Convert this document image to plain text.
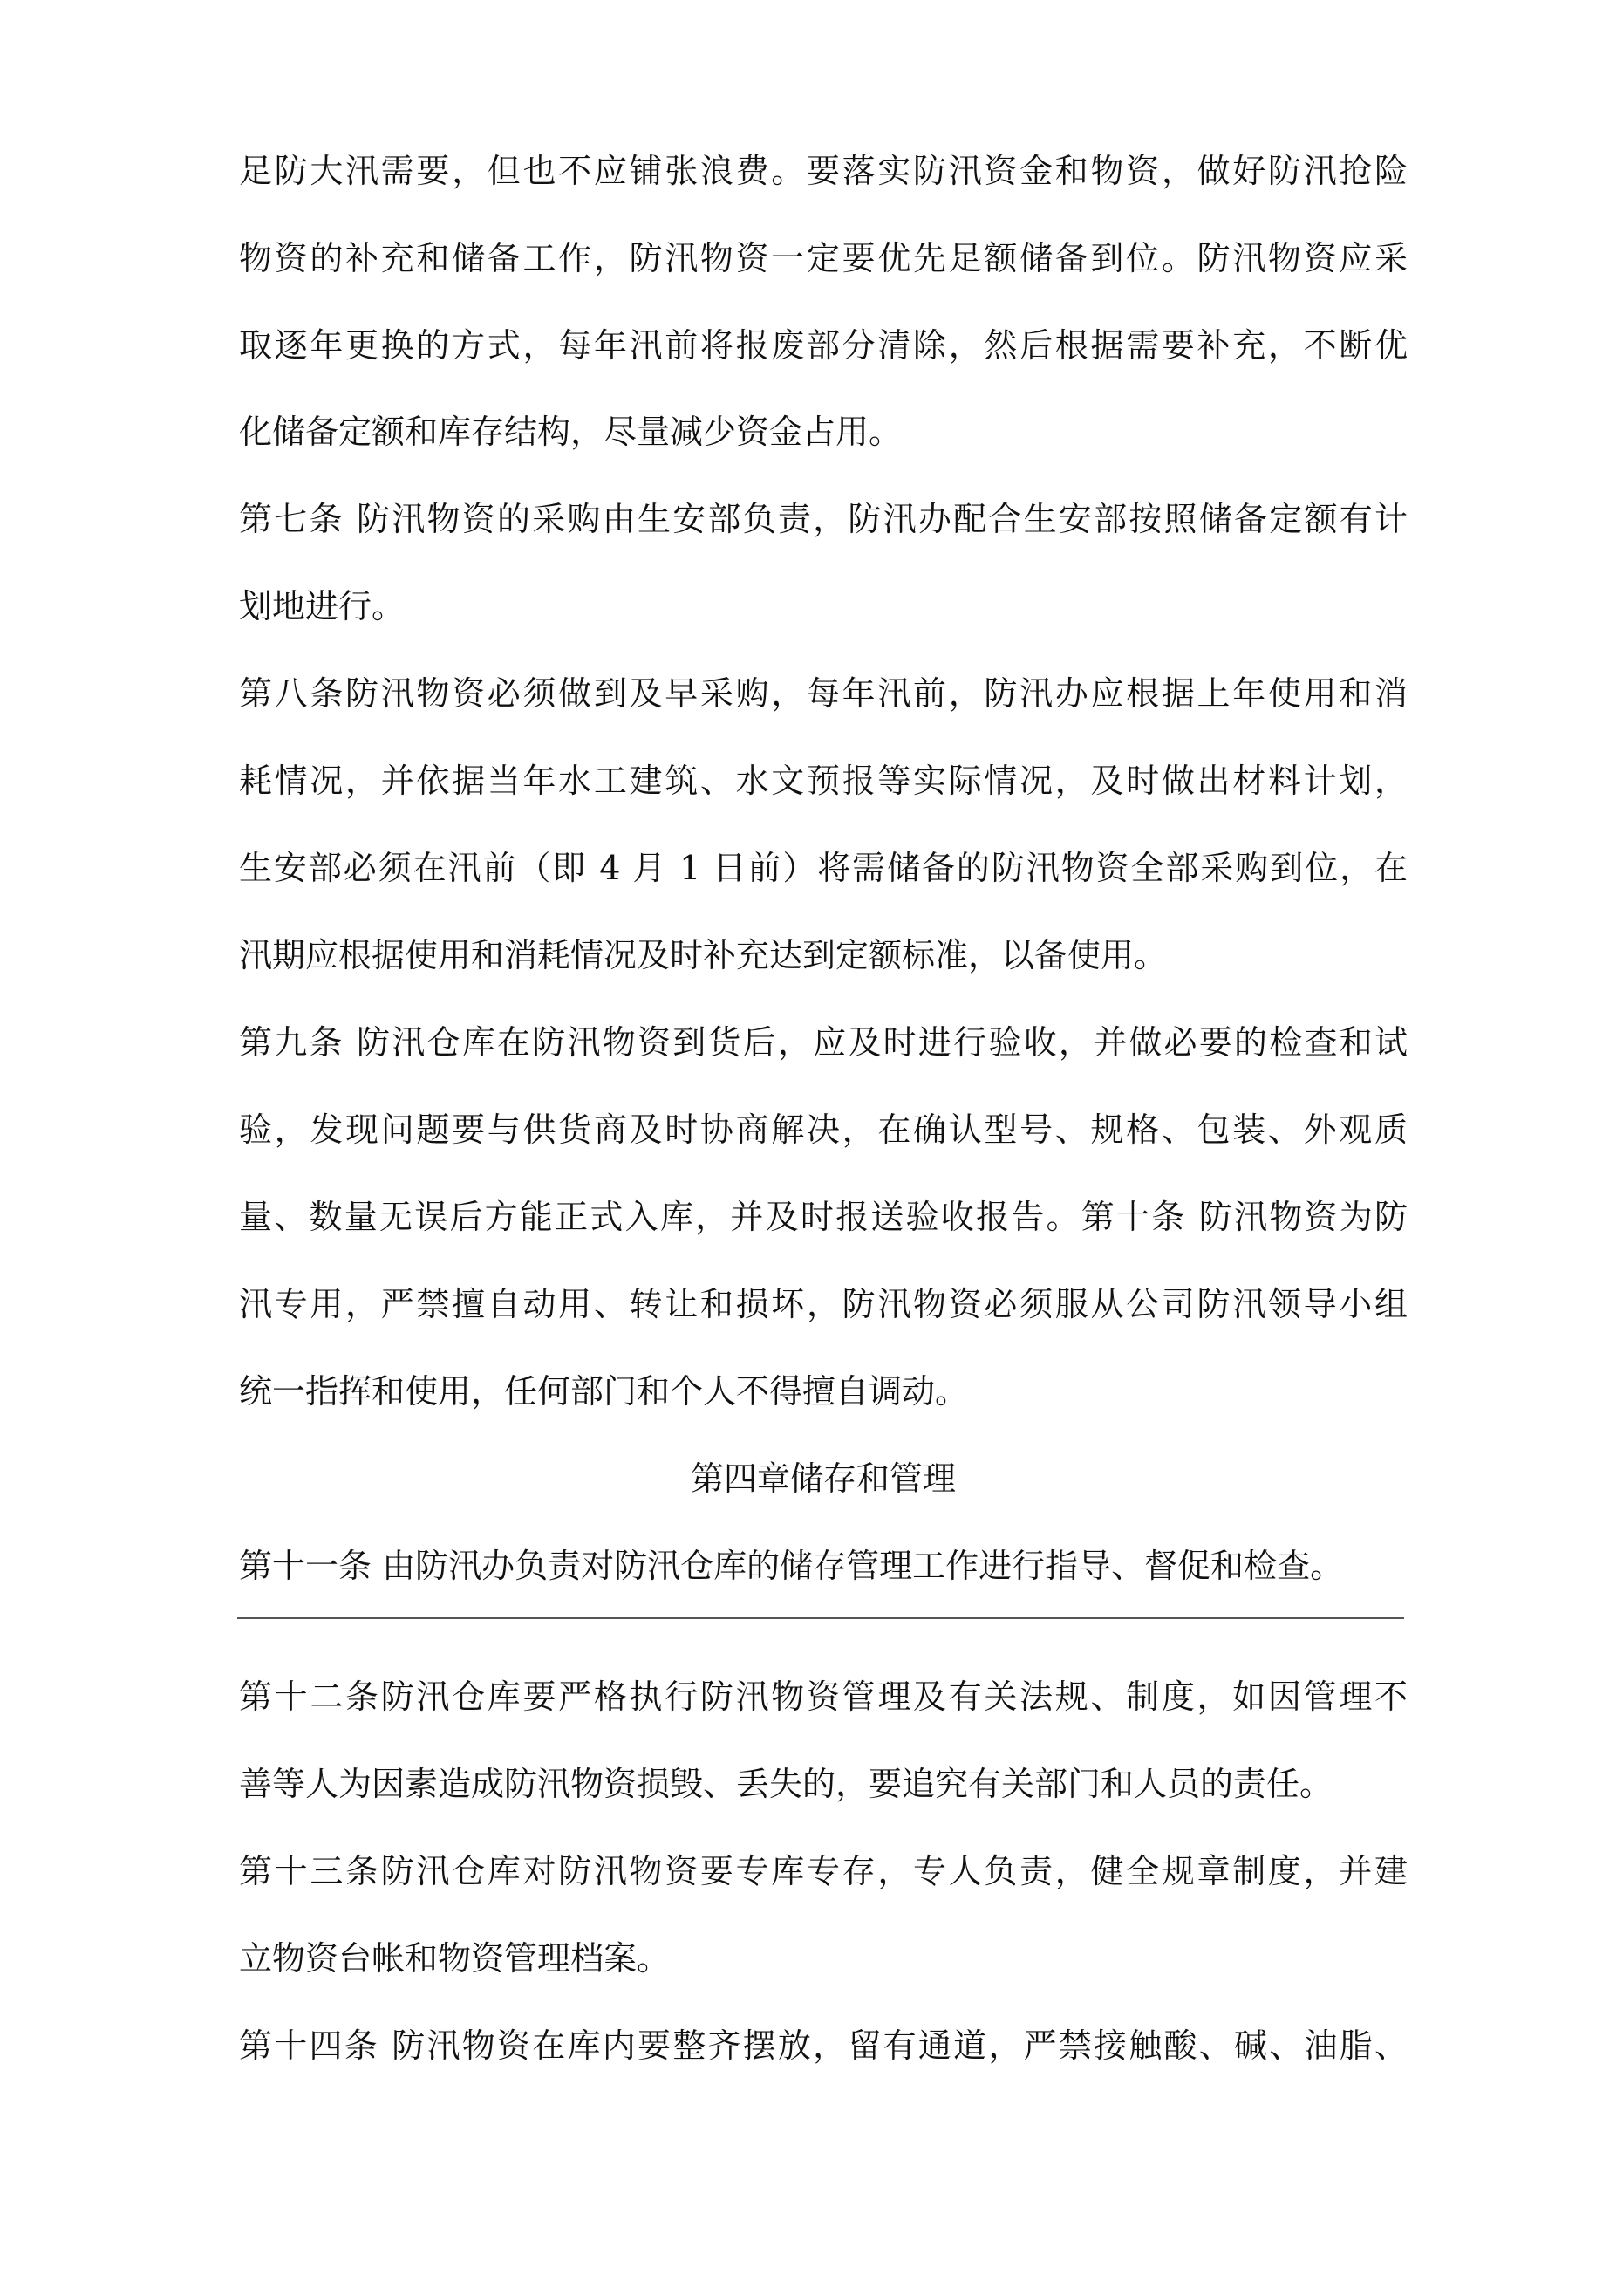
足防大汛需要，但也不应铺张浪费。要落实防汛资金和物资，做好防汛抢险
物资的补充和储备工作，防汛物资一定要优先足额储备到位。防汛物资应采
取逐年更换的方式，每年汛前将报废部分清除，然后根据需要补充，不断优
化储备定额和库存结构，尽量减少资金占用。
第七条 防汛物资的采购由生安部负责，防汛办配合生安部按照储备定额有计
划地进行。
第八条防汛物资必须做到及早采购，每年汛前，防汛办应根据上年使用和消
耗情况，并依据当年水工建筑、水文预报等实际情况，及时做出材料计划，
生安部必须在汛前（即 4 月 1 日前）将需储备的防汛物资全部采购到位，在
汛期应根据使用和消耗情况及时补充达到定额标准，以备使用。
第九条 防汛仓库在防汛物资到货后，应及时进行验收，并做必要的检查和试
验，发现问题要与供货商及时协商解决，在确认型号、规格、包装、外观质
量、数量无误后方能正式入库，并及时报送验收报告。第十条 防汛物资为防
汛专用，严禁擅自动用、转让和损坏，防汛物资必须服从公司防汛领导小组
统一指挥和使用，任何部门和个人不得擅自调动。
第四章储存和管理
第十一条 由防汛办负责对防汛仓库的储存管理工作进行指导、督促和检查。
第十二条防汛仓库要严格执行防汛物资管理及有关法规、制度，如因管理不
善等人为因素造成防汛物资损毁、丢失的，要追究有关部门和人员的责任。
第十三条防汛仓库对防汛物资要专库专存，专人负责，健全规章制度，并建
立物资台帐和物资管理档案。
第十四条 防汛物资在库内要整齐摆放，留有通道，严禁接触酸、碱、油脂、
